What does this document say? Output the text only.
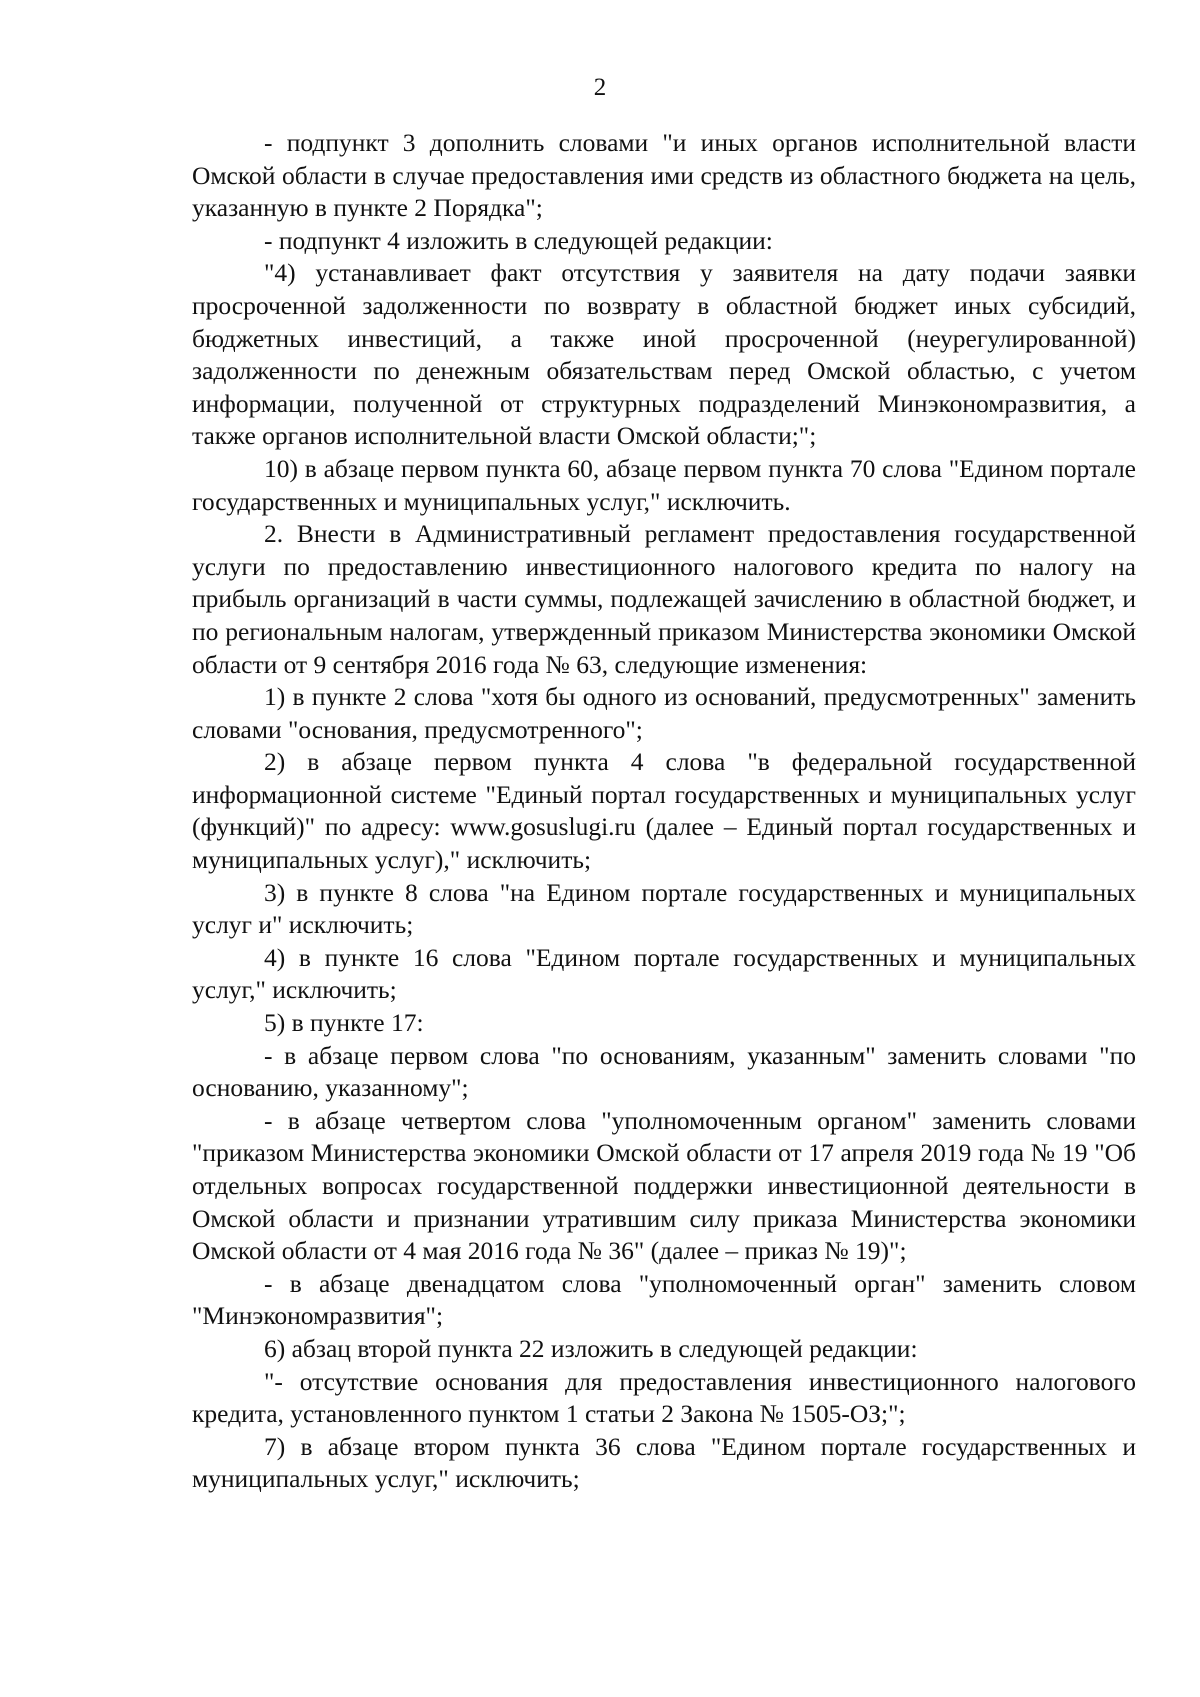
2

- подпункт 3 дополнить словами "и иных органов исполнительной власти Омской области в случае предоставления ими средств из областного бюджета на цель, указанную в пункте 2 Порядка";

- подпункт 4 изложить в следующей редакции:

"4) устанавливает факт отсутствия у заявителя на дату подачи заявки просроченной задолженности по возврату в областной бюджет иных субсидий, бюджетных инвестиций, а также иной просроченной (неурегулированной) задолженности по денежным обязательствам перед Омской областью, с учетом информации, полученной от структурных подразделений Минэкономразвития, а также органов исполнительной власти Омской области;";

10) в абзаце первом пункта 60, абзаце первом пункта 70 слова "Едином портале государственных и муниципальных услуг," исключить.

2. Внести в Административный регламент предоставления государственной услуги по предоставлению инвестиционного налогового кредита по налогу на прибыль организаций в части суммы, подлежащей зачислению в областной бюджет, и по региональным налогам, утвержденный приказом Министерства экономики Омской области от 9 сентября 2016 года № 63, следующие изменения:

1) в пункте 2 слова "хотя бы одного из оснований, предусмотренных" заменить словами "основания, предусмотренного";

2) в абзаце первом пункта 4 слова "в федеральной государственной информационной системе "Единый портал государственных и муниципальных услуг (функций)" по адресу: www.gosuslugi.ru (далее – Единый портал государственных и муниципальных услуг)," исключить;

3) в пункте 8 слова "на Едином портале государственных и муниципальных услуг и" исключить;

4) в пункте 16 слова "Едином портале государственных и муниципальных услуг," исключить;

5) в пункте 17:

- в абзаце первом слова "по основаниям, указанным" заменить словами "по основанию, указанному";

- в абзаце четвертом слова "уполномоченным органом" заменить словами "приказом Министерства экономики Омской области от 17 апреля 2019 года № 19 "Об отдельных вопросах государственной поддержки инвестиционной деятельности в Омской области и признании утратившим силу приказа Министерства экономики Омской области от 4 мая 2016 года № 36" (далее – приказ № 19)";

- в абзаце двенадцатом слова "уполномоченный орган" заменить словом "Минэкономразвития";

6) абзац второй пункта 22 изложить в следующей редакции:

"- отсутствие основания для предоставления инвестиционного налогового кредита, установленного пунктом 1 статьи 2 Закона № 1505-ОЗ;";

7) в абзаце втором пункта 36 слова "Едином портале государственных и муниципальных услуг," исключить;
